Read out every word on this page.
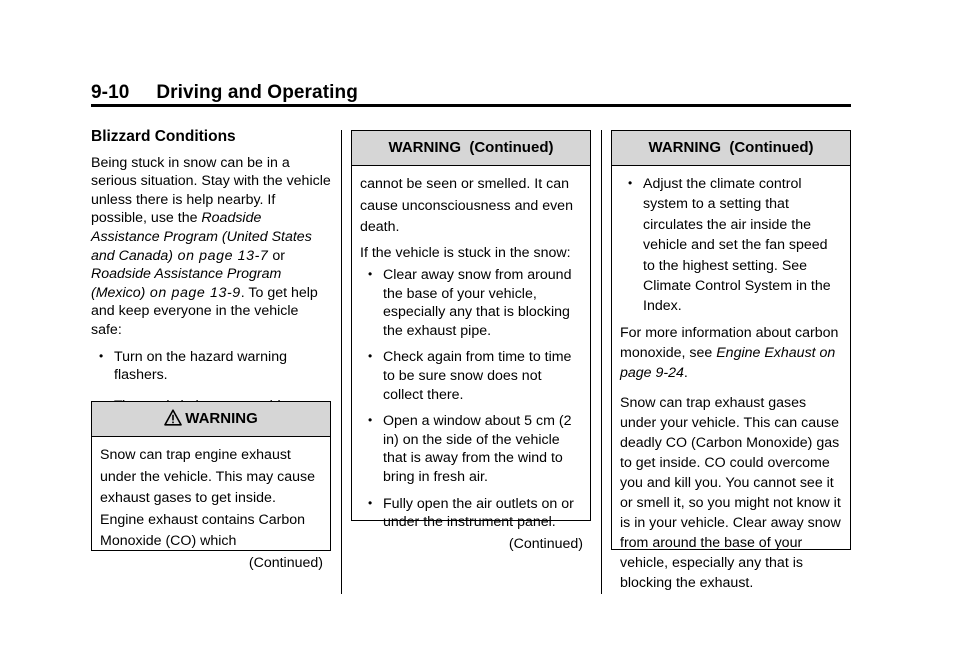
9-10     Driving and Operating
Blizzard Conditions

Being stuck in snow can be in a serious situation. Stay with the vehicle unless there is help nearby. If possible, use the Roadside Assistance Program (United States and Canada) on page 13-7 or Roadside Assistance Program (Mexico) on page 13-9. To get help and keep everyone in the vehicle safe:

• Turn on the hazard warning flashers.
WARNING

Snow can trap engine exhaust under the vehicle. This may cause exhaust gases to get inside. Engine exhaust contains Carbon Monoxide (CO) which

(Continued)

WARNING  (Continued)

cannot be seen or smelled. It can cause unconsciousness and even death.

If the vehicle is stuck in the snow:

• Clear away snow from around the base of your vehicle, especially any that is blocking the exhaust pipe.
• Check again from time to time to be sure snow does not collect there.
• Open a window about 5 cm (2 in) on the side of the vehicle that is away from the wind to bring in fresh air.
• Fully open the air outlets on or under the instrument panel.

(Continued)

WARNING  (Continued)
• Adjust the climate control system to a setting that circulates the air inside the vehicle and set the fan speed to the highest setting. See Climate Control System in the Index.

For more information about carbon monoxide, see Engine Exhaust on page 9-24.

Snow can trap exhaust gases under your vehicle. This can cause deadly CO (Carbon Monoxide) gas to get inside. CO could overcome you and kill you. You cannot see it or smell it, so you might not know it is in your vehicle. Clear away snow from around the base of your vehicle, especially any that is blocking the exhaust.
